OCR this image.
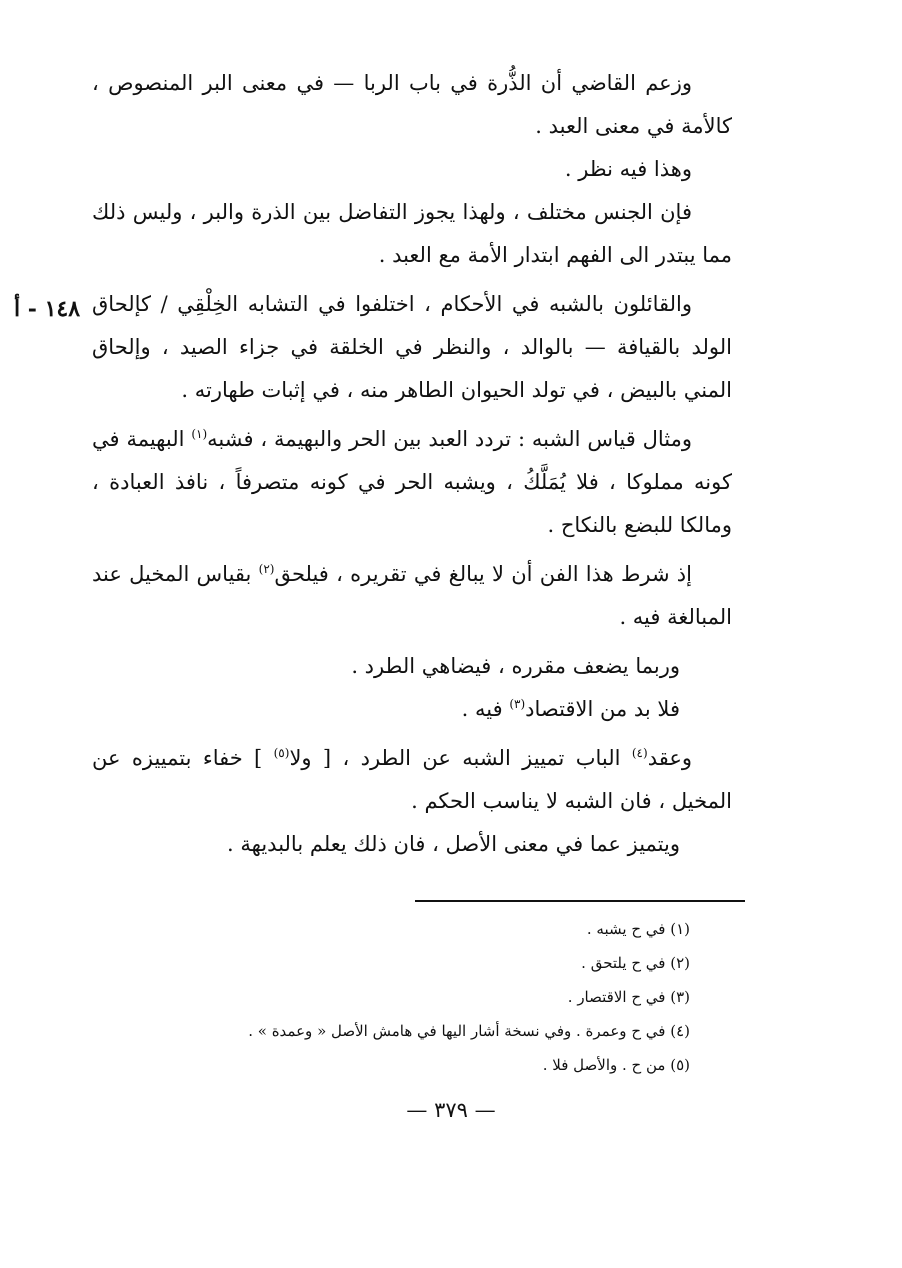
١٤٨ - أ

وزعم القاضي أن الذُّرة في باب الربا — في معنى البر المنصوص ، كالأمة في معنى العبد .

وهذا فيه نظر .

فإن الجنس مختلف ، ولهذا يجوز التفاضل بين الذرة والبر ، وليس ذلك مما يبتدر الى الفهم ابتدار الأمة مع العبد .

والقائلون بالشبه في الأحكام ، اختلفوا في التشابه الخِلْقِي / كإلحاق الولد بالقيافة — بالوالد ، والنظر في الخلقة في جزاء الصيد ، وإلحاق المني بالبيض ، في تولد الحيوان الطاهر منه ، في إثبات طهارته .

ومثال قياس الشبه : تردد العبد بين الحر والبهيمة ، فشبه$^{(١)}$ البهيمة في كونه مملوكا ، فلا يُمَلَّكُ ، ويشبه الحر في كونه متصرفاً ، نافذ العبادة ، ومالكا للبضع بالنكاح .

إذ شرط هذا الفن أن لا يبالغ في تقريره ، فيلحق$^{(٢)}$ بقياس المخيل عند المبالغة فيه .

وربما يضعف مقرره ، فيضاهي الطرد .

فلا بد من الاقتصاد$^{(٣)}$ فيه .

وعقد$^{(٤)}$ الباب تمييز الشبه عن الطرد ، [ ولا$^{(٥)}$ ] خفاء بتمييزه عن المخيل ، فان الشبه لا يناسب الحكم .

ويتميز عما في معنى الأصل ، فان ذلك يعلم بالبديهة .

(١) في ح يشبه .

(٢) في ح يلتحق .

(٣) في ح الاقتصار .

(٤) في ح وعمرة . وفي نسخة أشار اليها في هامش الأصل « وعمدة » .

(٥) من ح . والأصل فلا .

— ٣٧٩ —
